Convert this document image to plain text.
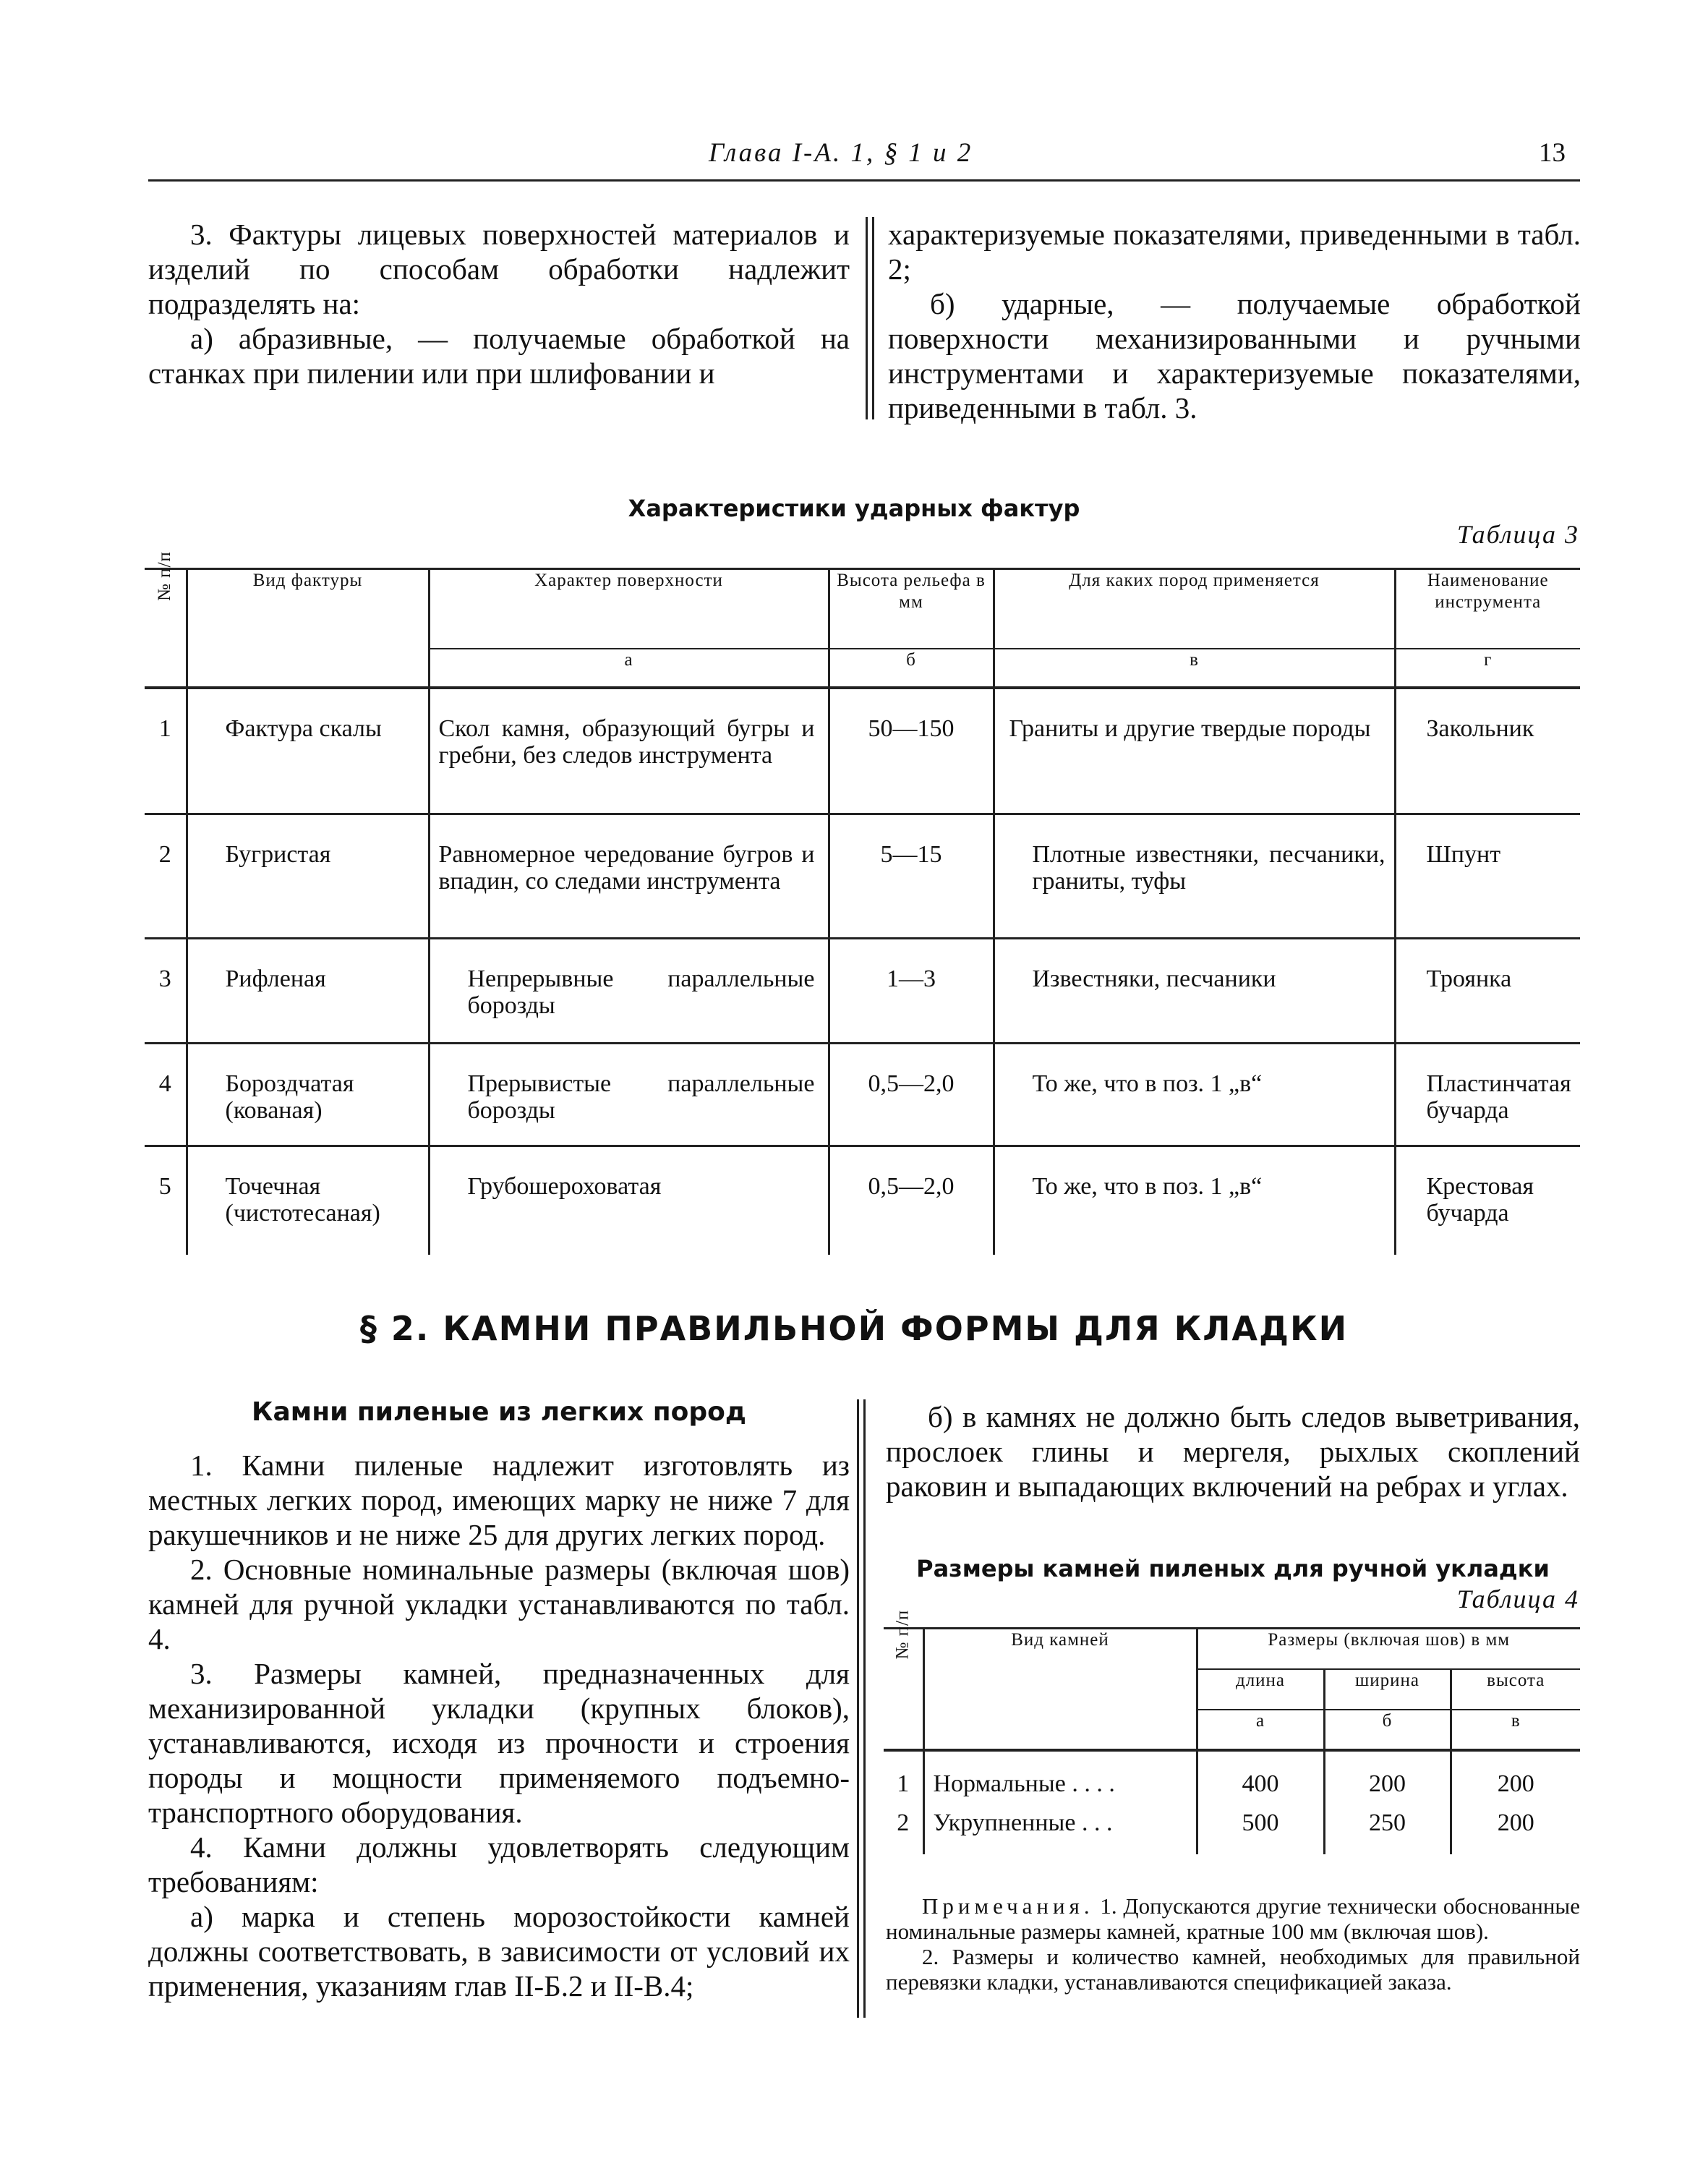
Глава I-А. 1, § 1 и 2	13

3. Фактуры лицевых поверхностей материалов и изделий по способам обработки надлежит подразделять на:

а) абразивные, — получаемые обработкой на станках при пилении или при шлифовании и

характеризуемые показателями, приведенными в табл. 2;

б) ударные, — получаемые обработкой поверхности механизированными и ручными инструментами и характеризуемые показателями, приведенными в табл. 3.

Характеристики ударных фактур
Таблица 3
№ п/п	Вид фактуры	Характер поверхности	Высота рельефа в мм	Для каких пород применяется	Наименование инструмента
		а	б	в	г
1	Фактура скалы	Скол камня, образующий бугры и гребни, без следов инструмента	50—150	Граниты и другие твердые породы	Закольник
2	Бугристая	Равномерное чередование бугров и впадин, со следами инструмента	5—15	Плотные известняки, песчаники, граниты, туфы	Шпунт
3	Рифленая	Непрерывные параллельные борозды	1—3	Известняки, песчаники	Троянка
4	Бороздчатая (кованая)	Прерывистые параллельные борозды	0,5—2,0	То же, что в поз. 1 „в“	Пластинчатая бучарда
5	Точечная (чистотесаная)	Грубошероховатая	0,5—2,0	То же, что в поз. 1 „в“	Крестовая бучарда
§ 2. КАМНИ ПРАВИЛЬНОЙ ФОРМЫ ДЛЯ КЛАДКИ
Камни пиленые из легких пород

1. Камни пиленые надлежит изготовлять из местных легких пород, имеющих марку не ниже 7 для ракушечников и не ниже 25 для других легких пород.

2. Основные номинальные размеры (включая шов) камней для ручной укладки устанавливаются по табл. 4.

3. Размеры камней, предназначенных для механизированной укладки (крупных блоков), устанавливаются, исходя из прочности и строения породы и мощности применяемого подъемно-транспортного оборудования.

4. Камни должны удовлетворять следующим требованиям:

а) марка и степень морозостойкости камней должны соответствовать, в зависимости от условий их применения, указаниям глав II-Б.2 и II-В.4;

б) в камнях не должно быть следов выветривания, прослоек глины и мергеля, рыхлых скоплений раковин и выпадающих включений на ребрах и углах.

Размеры камней пиленых для ручной укладки
Таблица 4
№ п/п	Вид камней	Размеры (включая шов) в мм		
		длина	ширина	высота
		а	б	в
1	Нормальные . . . .	400	200	200
2	Укрупненные . . .	500	250	200

Примечания. 1. Допускаются другие технически обоснованные номинальные размеры камней, кратные 100 мм (включая шов).

2. Размеры и количество камней, необходимых для правильной перевязки кладки, устанавливаются спецификацией заказа.
